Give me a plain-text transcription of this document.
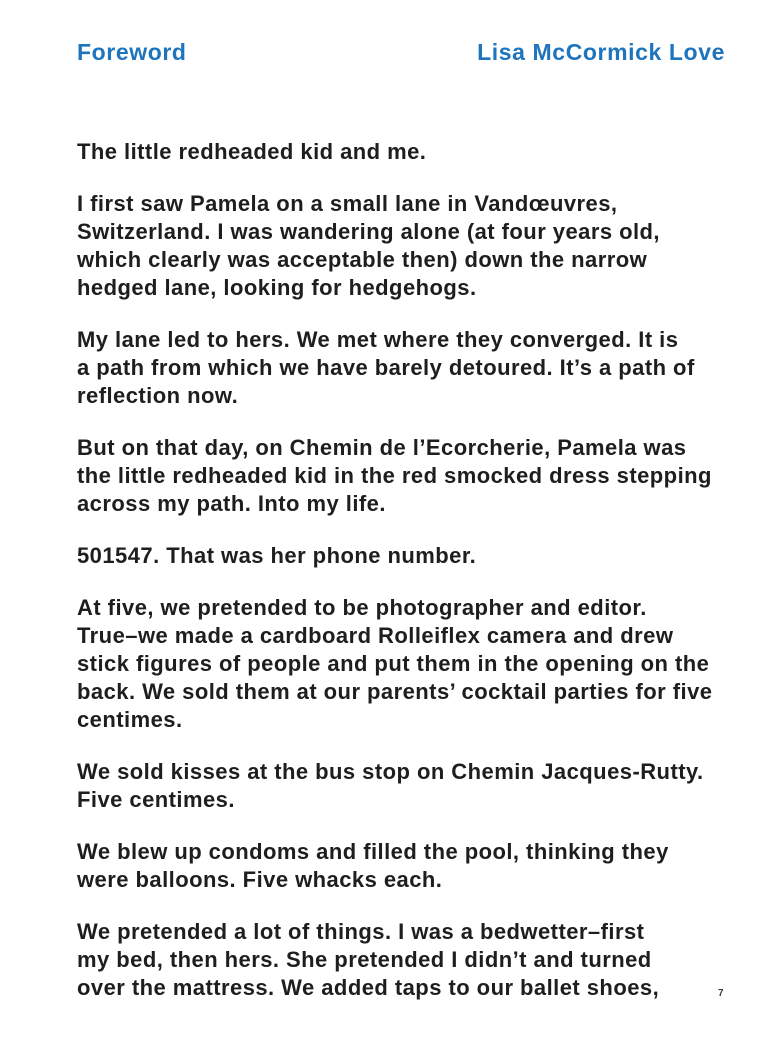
Foreword	Lisa McCormick Love

The little redheaded kid and me.

I first saw Pamela on a small lane in Vandœuvres,
Switzerland. I was wandering alone (at four years old,
which clearly was acceptable then) down the narrow
hedged lane, looking for hedgehogs.

My lane led to hers. We met where they converged. It is
a path from which we have barely detoured. It’s a path of
reflection now.

But on that day, on Chemin de l’Ecorcherie, Pamela was
the little redheaded kid in the red smocked dress stepping
across my path. Into my life.

501547. That was her phone number.

At five, we pretended to be photographer and editor.
True–we made a cardboard Rolleiflex camera and drew
stick figures of people and put them in the opening on the
back. We sold them at our parents’ cocktail parties for five
centimes.

We sold kisses at the bus stop on Chemin Jacques-Rutty.
Five centimes.

We blew up condoms and filled the pool, thinking they
were balloons. Five whacks each.

We pretended a lot of things. I was a bedwetter–first
my bed, then hers. She pretended I didn’t and turned
over the mattress. We added taps to our ballet shoes,	7
